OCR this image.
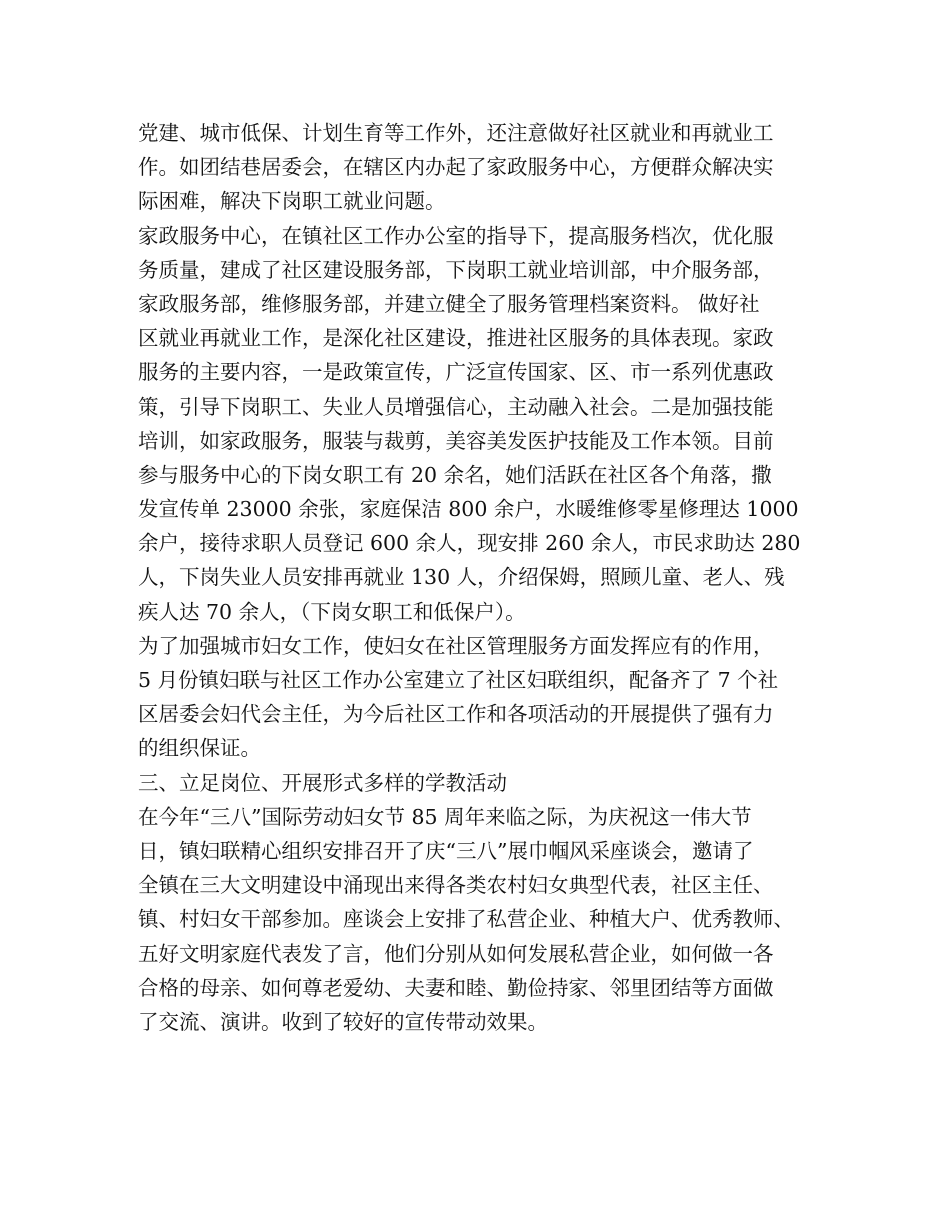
党建、城市低保、计划生育等工作外，还注意做好社区就业和再就业工
作。如团结巷居委会，在辖区内办起了家政服务中心，方便群众解决实
际困难，解决下岗职工就业问题。
家政服务中心，在镇社区工作办公室的指导下，提高服务档次，优化服
务质量，建成了社区建设服务部，下岗职工就业培训部，中介服务部，
家政服务部，维修服务部，并建立健全了服务管理档案资料。 做好社
区就业再就业工作，是深化社区建设，推进社区服务的具体表现。家政
服务的主要内容，一是政策宣传，广泛宣传国家、区、市一系列优惠政
策，引导下岗职工、失业人员增强信心，主动融入社会。二是加强技能
培训，如家政服务，服装与裁剪，美容美发医护技能及工作本领。目前
参与服务中心的下岗女职工有 20 余名，她们活跃在社区各个角落，撒
发宣传单 23000 余张，家庭保洁 800 余户，水暖维修零星修理达 1000
余户，接待求职人员登记 600 余人，现安排 260 余人，市民求助达 280
人，下岗失业人员安排再就业 130 人，介绍保姆，照顾儿童、老人、残
疾人达 70 余人，（下岗女职工和低保户）。
为了加强城市妇女工作，使妇女在社区管理服务方面发挥应有的作用，
5 月份镇妇联与社区工作办公室建立了社区妇联组织，配备齐了 7 个社
区居委会妇代会主任，为今后社区工作和各项活动的开展提供了强有力
的组织保证。
三、立足岗位、开展形式多样的学教活动
在今年“三八”国际劳动妇女节 85 周年来临之际，为庆祝这一伟大节
日，镇妇联精心组织安排召开了庆“三八”展巾帼风采座谈会，邀请了
全镇在三大文明建设中涌现出来得各类农村妇女典型代表，社区主任、
镇、村妇女干部参加。座谈会上安排了私营企业、种植大户、优秀教师、
五好文明家庭代表发了言，他们分别从如何发展私营企业，如何做一各
合格的母亲、如何尊老爱幼、夫妻和睦、勤俭持家、邻里团结等方面做
了交流、演讲。收到了较好的宣传带动效果。
